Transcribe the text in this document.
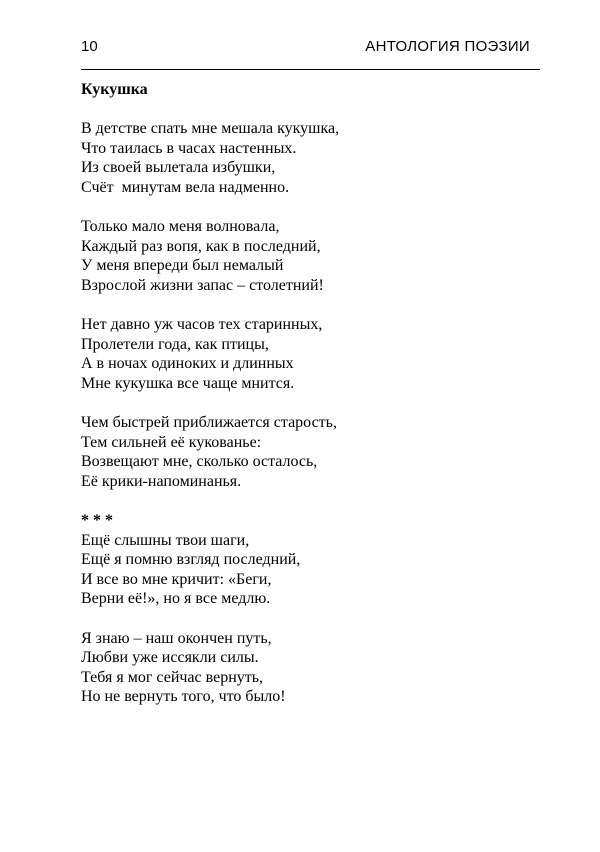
10	АНТОЛОГИЯ ПОЭЗИИ
Кукушка
В детстве спать мне мешала кукушка,
Что таилась в часах настенных.
Из своей вылетала избушки,
Счёт  минутам вела надменно.
Только мало меня волновала,
Каждый раз вопя, как в последний,
У меня впереди был немалый
Взрослой жизни запас – столетний!
Нет давно уж часов тех старинных,
Пролетели года, как птицы,
А в ночах одиноких и длинных
Мне кукушка все чаще мнится.
Чем быстрей приближается старость,
Тем сильней её кукованье:
Возвещают мне, сколько осталось,
Её крики-напоминанья.
* * *
Ещё слышны твои шаги,
Ещё я помню взгляд последний,
И все во мне кричит: «Беги,
Верни её!», но я все медлю.
Я знаю – наш окончен путь,
Любви уже иссякли силы.
Тебя я мог сейчас вернуть,
Но не вернуть того, что было!
